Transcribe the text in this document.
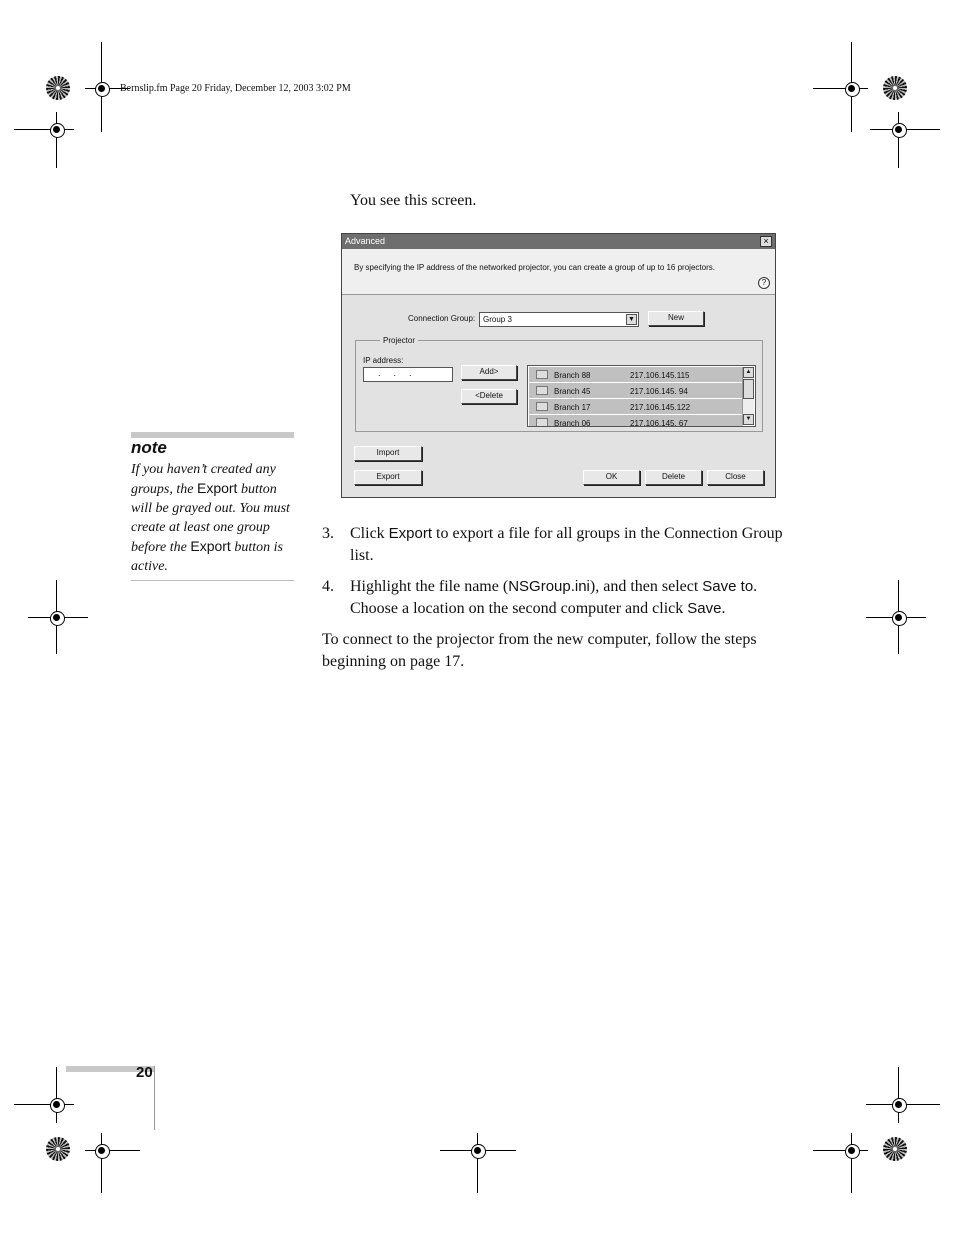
Bernslip.fm Page 20 Friday, December 12, 2003 3:02 PM
You see this screen.
Advanced	×
By specifying the IP address of the networked projector, you can create a group of up to 16 projectors.
?
Connection Group: Group 3	▼	New
Projector
IP address:
...	Add>
<Delete
Branch 88	217.106.145.115
Branch 45	217.106.145. 94
Branch 17	217.106.145.122
Branch 06	217.106.145. 67
▲
▼
Import
Export	OK	Delete	Close
note
If you haven’t created any groups, the Export button will be grayed out. You must create at least one group before the Export button is active.
3. Click Export to export a file for all groups in the Connection Group list.
4. Highlight the file name (NSGroup.ini), and then select Save to. Choose a location on the second computer and click Save.
To connect to the projector from the new computer, follow the steps beginning on page 17.
20
